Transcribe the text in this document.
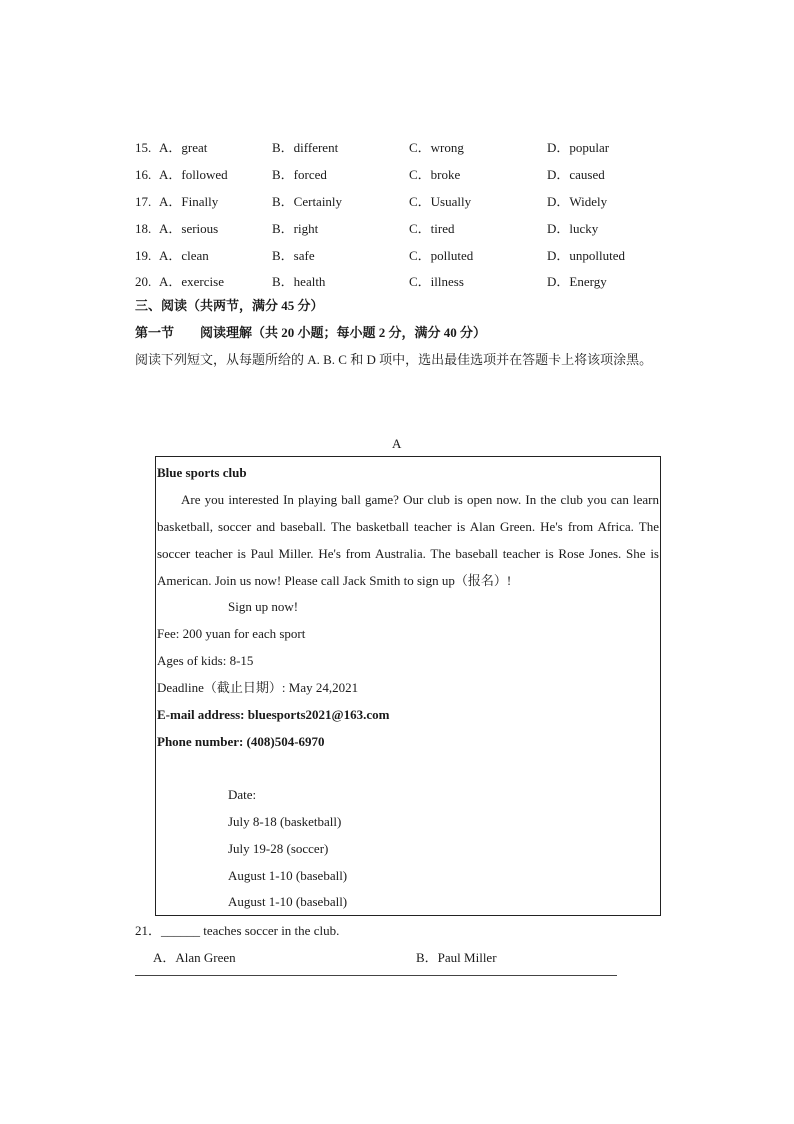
15. A．great	B．different	C．wrong	D．popular
16. A．followed	B．forced	C．broke	D．caused
17. A．Finally	B．Certainly	C．Usually	D．Widely
18. A．serious	B．right	C．tired	D．lucky
19. A．clean	B．safe	C．polluted	D．unpolluted
20. A．exercise	B．health	C．illness	D．Energy
三、阅读（共两节，满分 45 分）
第一节　　阅读理解（共 20 小题；每小题 2 分，满分 40 分）
阅读下列短文，从每题所给的 A. B. C 和 D 项中，选出最佳选项并在答题卡上将该项涂黑。
A
Blue sports club
Are you interested In playing ball game? Our club is open now. In the club you can learn basketball, soccer and baseball. The basketball teacher is Alan Green. He's from Africa. The soccer teacher is Paul Miller. He's from Australia. The baseball teacher is Rose Jones. She is American. Join us now! Please call Jack Smith to sign up（报名）!
Sign up now!
Fee: 200 yuan for each sport
Ages of kids: 8-15
Deadline（截止日期）: May 24,2021
E-mail address: bluesports2021@163.com
Phone number: (408)504-6970
Date:
July 8-18 (basketball)
July 19-28 (soccer)
August 1-10 (baseball)
August 1-10 (baseball)
21．______ teaches soccer in the club.
A．Alan Green	B．Paul Miller
